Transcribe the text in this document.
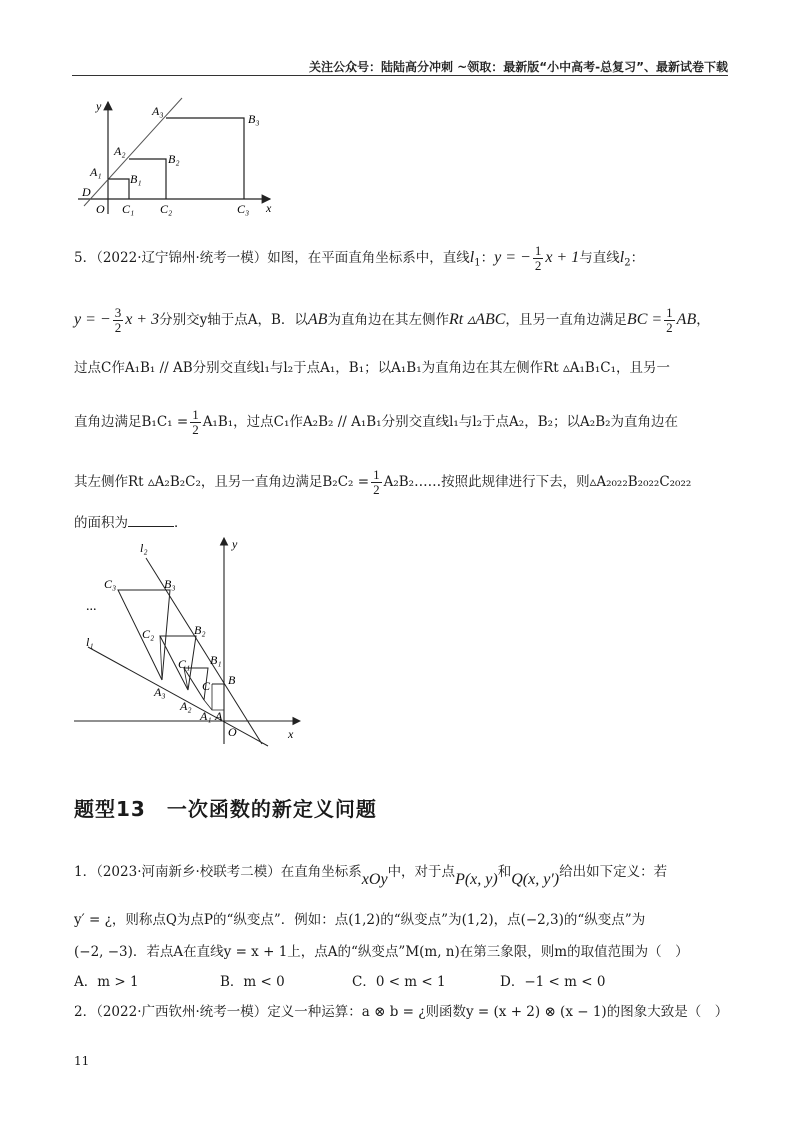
关注公众号：陆陆高分冲刺 ~领取：最新版“小中高考-总复习”、最新试卷下载
y	A₃
B₃
A₂
B₂
A₁ B₁
D
O C₁ C₂	C₃ x
5．（2022·辽宁锦州·统考一模）如图，在平面直角坐标系中，直线$l_1$：y = − $\frac{1}{2}$ x + 1与直线$l_2$：
y = − $\frac{3}{2}$ x + 3分别交y轴于点A，B．以AB为直角边在其左侧作Rt ▵ABC，且另一直角边满足BC = $\frac{1}{2}$ AB，
过点C作A₁B₁ // AB分别交直线l₁与l₂于点A₁，B₁；以A₁B₁为直角边在其左侧作Rt ▵A₁B₁C₁，且另一
直角边满足$B_1C_1 = \frac{1}{2} A_1B_1$，过点C₁作A₂B₂ // A₁B₁分别交直线l₁与l₂于点A₂，B₂；以A₂B₂为直角边在
其左侧作Rt ▵A₂B₂C₂，且另一直角边满足$B_2C_2 = \frac{1}{2}$ A₂B₂……按照此规律进行下去，则▵A₂₀₂₂B₂₀₂₂C₂₀₂₂
的面积为	．
l₂	y
C₃	B₃
...
C₂	B₂
l₁
C₁ B₁
C B
A₃
A₂
A₁ A
O	x
题型13　一次函数的新定义问题
1．（2023·河南新乡·校联考二模）在直角坐标系xOy中，对于点P(x, y)和Q(x, y′)给出如下定义：若
y′ = ¿，则称点Q为点P的“纵变点”．例如：点(1,2)的“纵变点”为(1,2)，点(−2,3)的“纵变点”为
(−2, −3)．若点A在直线y = x + 1上，点A的“纵变点”M(m, n)在第三象限，则m的取值范围为（　）
A．m > 1	B．m < 0	C．0 < m < 1	D．−1 < m < 0
2．（2022·广西钦州·统考一模）定义一种运算：a ⊗ b = ¿则函数y = (x + 2) ⊗ (x − 1)的图象大致是（　）
11
